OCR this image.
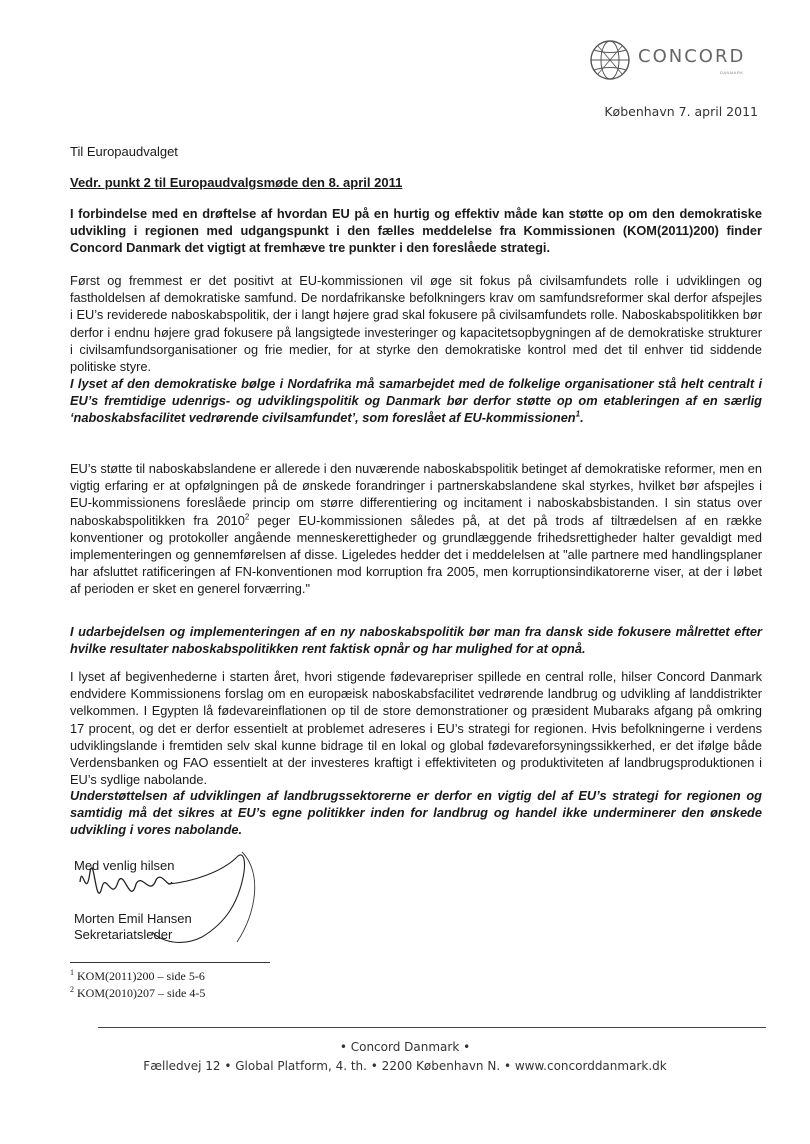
CONCORD
DANMARK
København 7. april 2011
Til Europaudvalget
Vedr. punkt 2 til Europaudvalgsmøde den 8. april 2011

I forbindelse med en drøftelse af hvordan EU på en hurtig og effektiv måde kan støtte op om den demokratiske udvikling i regionen med udgangspunkt i den fælles meddelelse fra Kommissionen (KOM(2011)200) finder Concord Danmark det vigtigt at fremhæve tre punkter i den foreslåede strategi.

Først og fremmest er det positivt at EU-kommissionen vil øge sit fokus på civilsamfundets rolle i udviklingen og fastholdelsen af demokratiske samfund. De nordafrikanske befolkningers krav om samfundsreformer skal derfor afspejles i EU’s reviderede naboskabspolitik, der i langt højere grad skal fokusere på civilsamfundets rolle. Naboskabspolitikken bør derfor i endnu højere grad fokusere på langsigtede investeringer og kapacitetsopbygningen af de demokratiske strukturer i civilsamfundsorganisationer og frie medier, for at styrke den demokratiske kontrol med det til enhver tid siddende politiske styre.

I lyset af den demokratiske bølge i Nordafrika må samarbejdet med de folkelige organisationer stå helt centralt i EU’s fremtidige udenrigs- og udviklingspolitik og Danmark bør derfor støtte op om etableringen af en særlig ‘naboskabsfacilitet vedrørende civilsamfundet’, som foreslået af EU-kommissionen$^1$.

EU’s støtte til naboskabslandene er allerede i den nuværende naboskabspolitik betinget af demokratiske reformer, men en vigtig erfaring er at opfølgningen på de ønskede forandringer i partnerskabslandene skal styrkes, hvilket bør afspejles i EU-kommissionens foreslåede princip om større differentiering og incitament i naboskabsbistanden. I sin status over naboskabspolitikken fra 2010$^2$ peger EU-kommissionen således på, at det på trods af tiltrædelsen af en række konventioner og protokoller angående menneskerettigheder og grundlæggende frihedsrettigheder halter gevaldigt med implementeringen og gennemførelsen af disse. Ligeledes hedder det i meddelelsen at "alle partnere med handlingsplaner har afsluttet ratificeringen af FN-konventionen mod korruption fra 2005, men korruptionsindikatorerne viser, at der i løbet af perioden er sket en generel forværring."

I udarbejdelsen og implementeringen af en ny naboskabspolitik bør man fra dansk side fokusere målrettet efter hvilke resultater naboskabspolitikken rent faktisk opnår og har mulighed for at opnå.

I lyset af begivenhederne i starten året, hvori stigende fødevarepriser spillede en central rolle, hilser Concord Danmark endvidere Kommissionens forslag om en europæisk naboskabsfacilitet vedrørende landbrug og udvikling af landdistrikter velkommen. I Egypten lå fødevareinflationen op til de store demonstrationer og præsident Mubaraks afgang på omkring 17 procent, og det er derfor essentielt at problemet adreseres i EU’s strategi for regionen. Hvis befolkningerne i verdens udviklingslande i fremtiden selv skal kunne bidrage til en lokal og global fødevareforsyningssikkerhed, er det ifølge både Verdensbanken og FAO essentielt at der investeres kraftigt i effektiviteten og produktiviteten af landbrugsproduktionen i EU’s sydlige nabolande.

Understøttelsen af udviklingen af landbrugssektorerne er derfor en vigtig del af EU’s strategi for regionen og samtidig må det sikres at EU’s egne politikker inden for landbrug og handel ikke underminerer den ønskede udvikling i vores nabolande.

Med venlig hilsen
Morten Emil Hansen
Sekretariatsleder
$^1$ KOM(2011)200 – side 5-6
$^2$ KOM(2010)207 – side 4-5
• Concord Danmark •
Fælledvej 12 • Global Platform, 4. th. • 2200 København N. • www.concorddanmark.dk
